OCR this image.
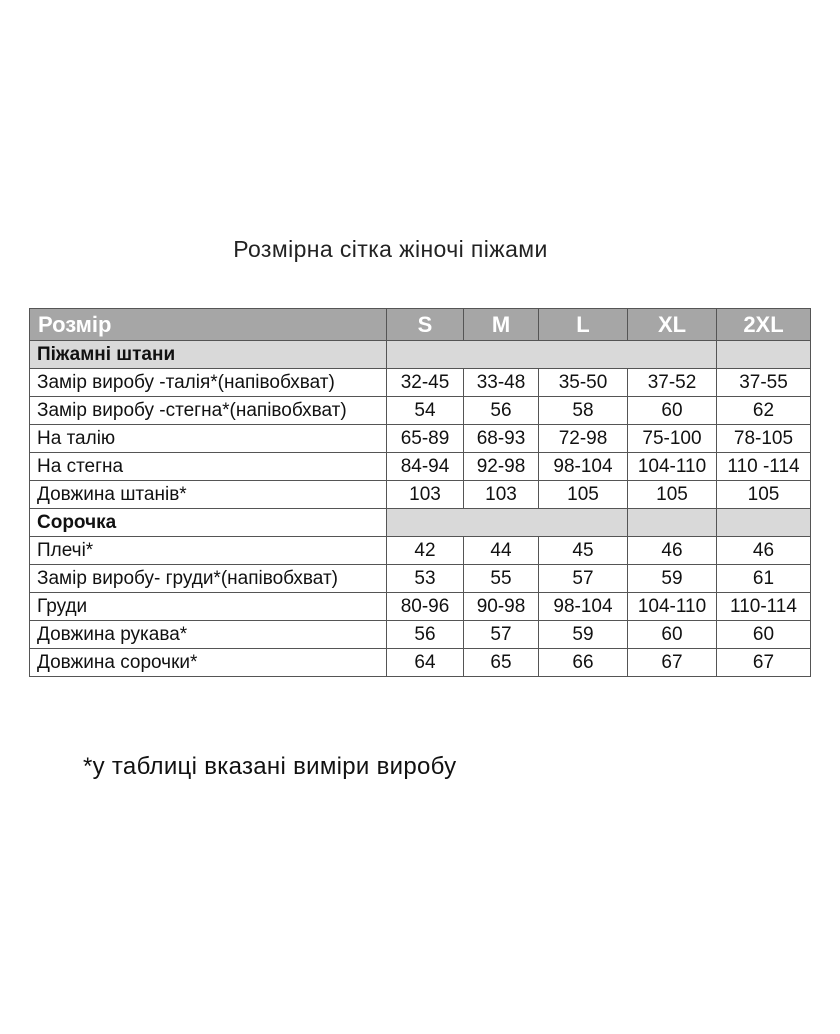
Розмірна сітка жіночі піжами
Розмір	S	M	L	XL	2XL
Піжамні штани					
Замір виробу -талія*(напівобхват)	32-45	33-48	35-50	37-52	37-55
Замір виробу -стегна*(напівобхват)	54	56	58	60	62
На талію	65-89	68-93	72-98	75-100	78-105
На стегна	84-94	92-98	98-104	104-110	110 -114
Довжина штанів*	103	103	105	105	105
Сорочка					
Плечі*	42	44	45	46	46
Замір виробу- груди*(напівобхват)	53	55	57	59	61
Груди	80-96	90-98	98-104	104-110	110-114
Довжина рукава*	56	57	59	60	60
Довжина сорочки*	64	65	66	67	67
*у таблиці вказані виміри виробу
